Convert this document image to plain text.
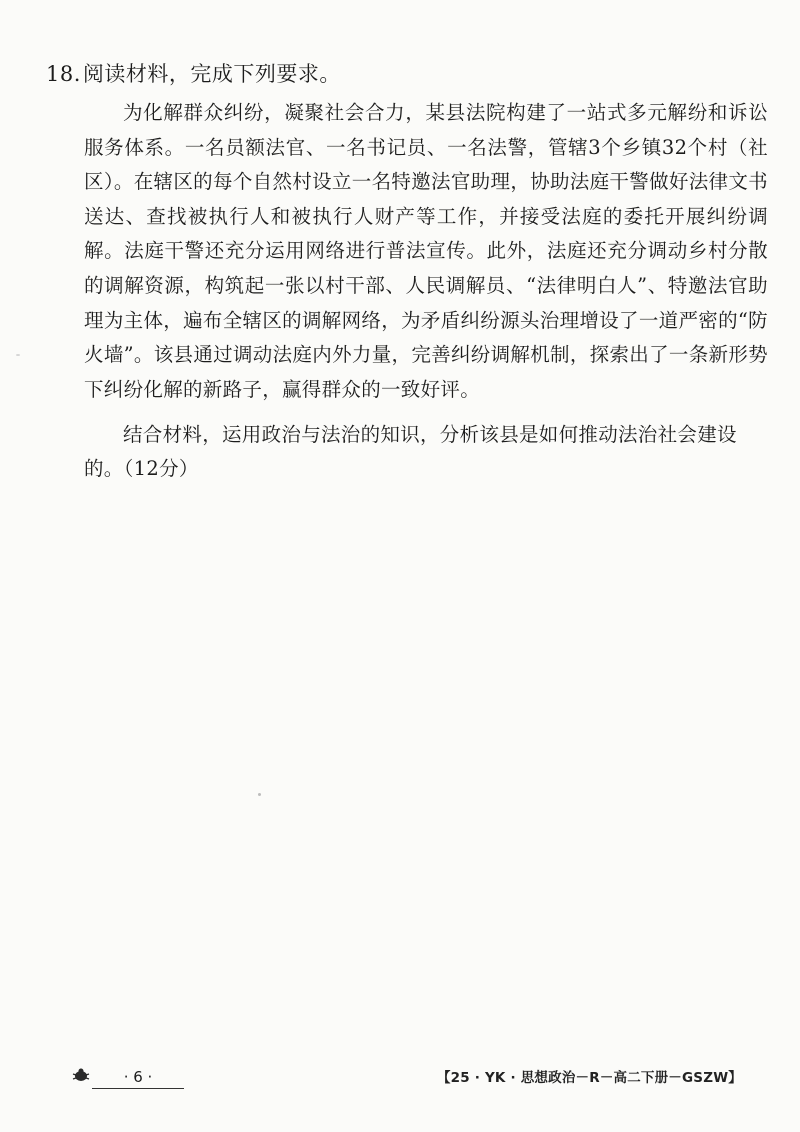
18.阅读材料，完成下列要求。

为化解群众纠纷，凝聚社会合力，某县法院构建了一站式多元解纷和诉讼服务体系。一名员额法官、一名书记员、一名法警，管辖3个乡镇32个村（社区）。在辖区的每个自然村设立一名特邀法官助理，协助法庭干警做好法律文书送达、查找被执行人和被执行人财产等工作，并接受法庭的委托开展纠纷调解。法庭干警还充分运用网络进行普法宣传。此外，法庭还充分调动乡村分散的调解资源，构筑起一张以村干部、人民调解员、“法律明白人”、特邀法官助理为主体，遍布全辖区的调解网络，为矛盾纠纷源头治理增设了一道严密的“防火墙”。该县通过调动法庭内外力量，完善纠纷调解机制，探索出了一条新形势下纠纷化解的新路子，赢得群众的一致好评。

结合材料，运用政治与法治的知识，分析该县是如何推动法治社会建设的。（12分）

· 6 ·	【25 · YK · 思想政治－R－高二下册－GSZW】
